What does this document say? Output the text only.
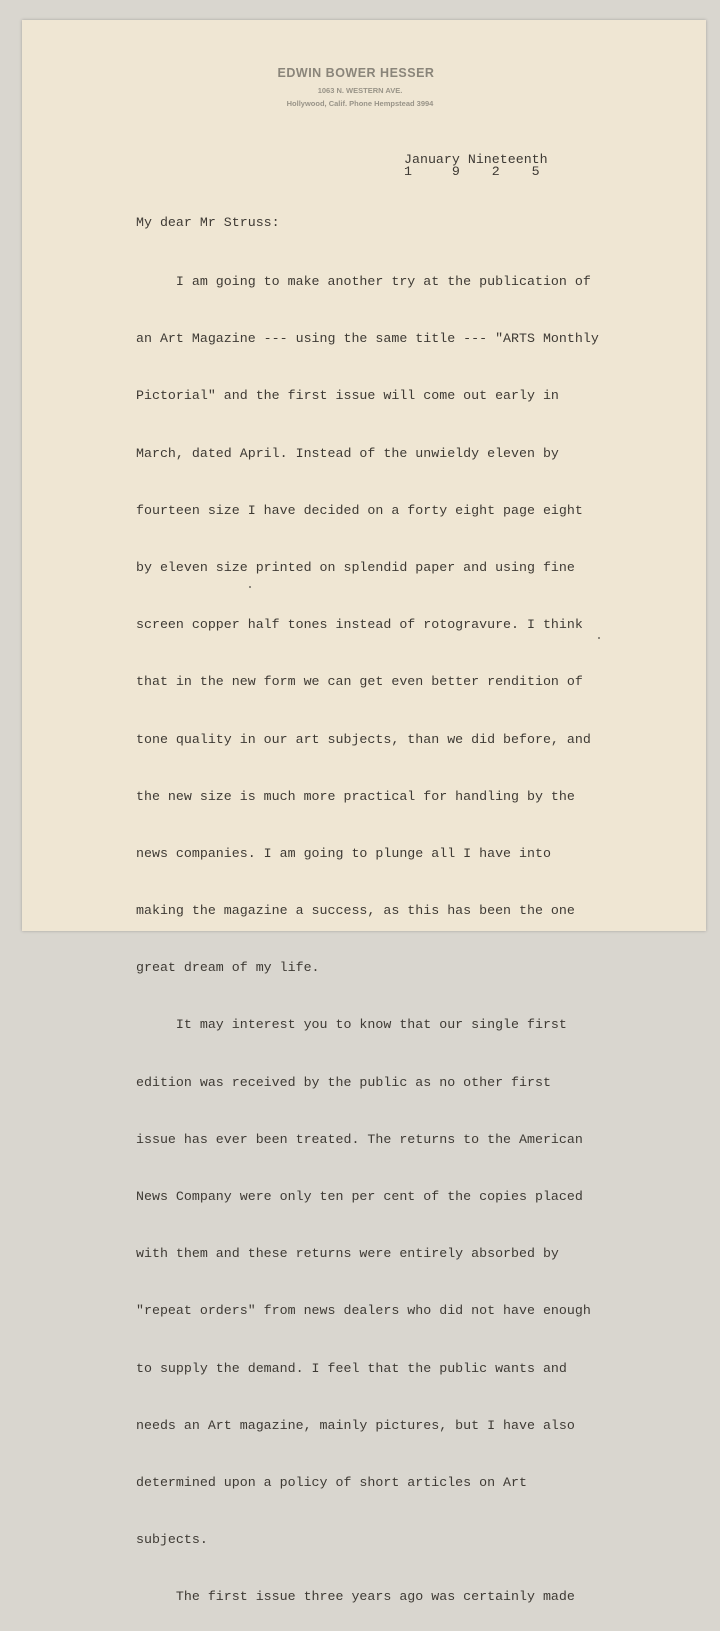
EDWIN BOWER HESSER
1063 N. WESTERN AVE.
Hollywood, Calif. Phone Hempstead 3994
January Nineteenth
1     9    2    5
My dear Mr Struss:

I am going to make another try at the publication of

an Art Magazine --- using the same title --- "ARTS Monthly

Pictorial" and the first issue will come out early in

March, dated April. Instead of the unwieldy eleven by

fourteen size I have decided on a forty eight page eight

by eleven size printed on splendid paper and using fine

screen copper half tones instead of rotogravure. I think

that in the new form we can get even better rendition of

tone quality in our art subjects, than we did before, and

the new size is much more practical for handling by the

news companies. I am going to plunge all I have into

making the magazine a success, as this has been the one

great dream of my life.

It may interest you to know that our single first

edition was received by the public as no other first

issue has ever been treated. The returns to the American

News Company were only ten per cent of the copies placed

with them and these returns were entirely absorbed by

"repeat orders" from news dealers who did not have enough

to supply the demand. I feel that the public wants and

needs an Art magazine, mainly pictures, but I have also

determined upon a policy of short articles on Art

subjects.

The first issue three years ago was certainly made
